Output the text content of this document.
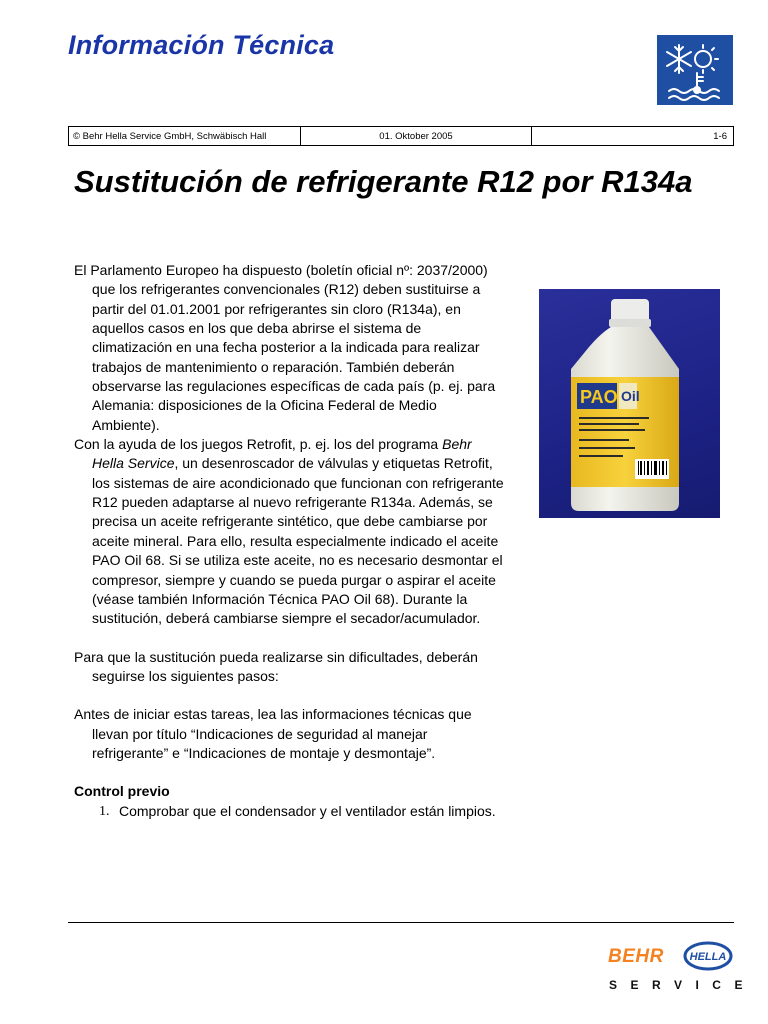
Información Técnica
© Behr Hella Service GmbH, Schwäbisch Hall	01. Oktober 2005	1-6
Sustitución de refrigerante R12 por R134a

El Parlamento Europeo ha dispuesto (boletín oficial nº: 2037/2000) que los refrigerantes convencionales (R12) deben sustituirse a partir del 01.01.2001 por refrigerantes sin cloro (R134a), en aquellos casos en los que deba abrirse el sistema de climatización en una fecha posterior a la indicada para realizar trabajos de mantenimiento o reparación. También deberán observarse las regulaciones específicas de cada país (p. ej. para Alemania: disposiciones de la Oficina Federal de Medio Ambiente).

Con la ayuda de los juegos Retrofit, p. ej. los del programa Behr Hella Service, un desenroscador de válvulas y etiquetas Retrofit, los sistemas de aire acondicionado que funcionan con refrigerante R12 pueden adaptarse al nuevo refrigerante R134a. Además, se precisa un aceite refrigerante sintético, que debe cambiarse por aceite mineral. Para ello, resulta especialmente indicado el aceite PAO Oil 68. Si se utiliza este aceite, no es necesario desmontar el compresor, siempre y cuando se pueda purgar o aspirar el aceite (véase también Información Técnica PAO Oil 68). Durante la sustitución, deberá cambiarse siempre el secador/acumulador.

Para que la sustitución pueda realizarse sin dificultades, deberán seguirse los siguientes pasos:

Antes de iniciar estas tareas, lea las informaciones técnicas que llevan por título “Indicaciones de seguridad al manejar refrigerante” e “Indicaciones de montaje y desmontaje”.

Control previo

1. Comprobar que el condensador y el ventilador están limpios.
PAO Oil
BEHR HELLA
SERVICE
